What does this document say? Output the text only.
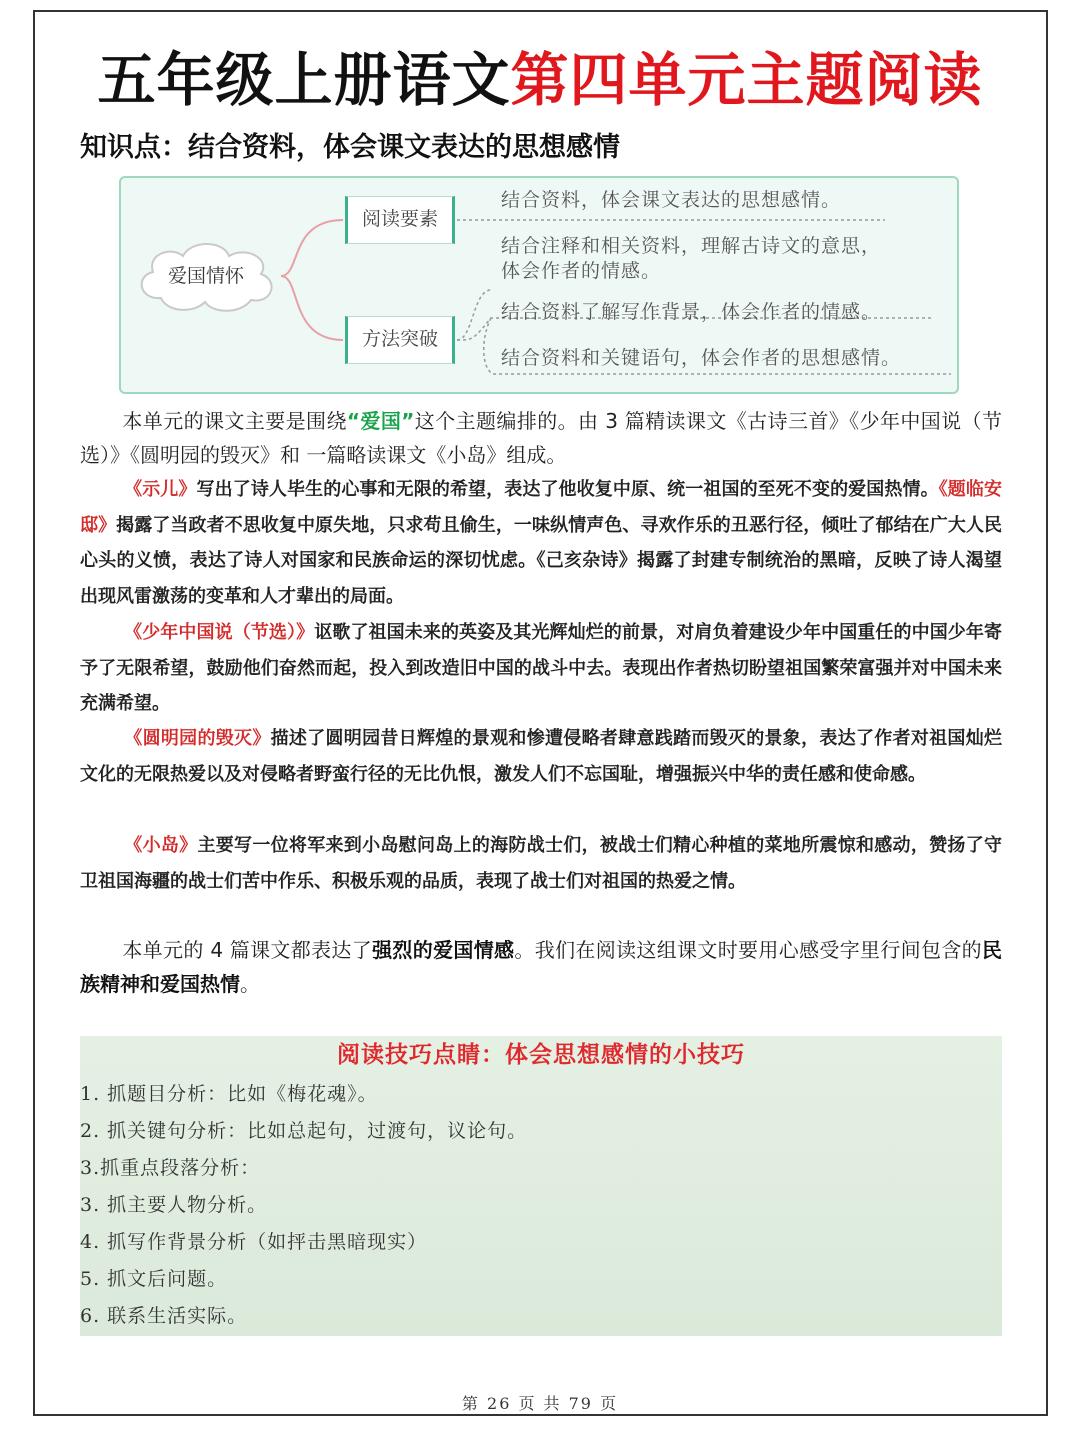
五年级上册语文第四单元主题阅读
知识点：结合资料，体会课文表达的思想感情
爱国情怀
阅读要素
方法突破
结合资料，体会课文表达的思想感情。
结合注释和相关资料，理解古诗文的意思，
体会作者的情感。
结合资料了解写作背景，体会作者的情感。
结合资料和关键语句，体会作者的思想感情。
本单元的课文主要是围绕“爱国”这个主题编排的。由 3 篇精读课文《古诗三首》《少年中国说（节选）》《圆明园的毁灭》和 一篇略读课文《小岛》组成。
《示儿》写出了诗人毕生的心事和无限的希望，表达了他收复中原、统一祖国的至死不变的爱国热情。《题临安邸》揭露了当政者不思收复中原失地，只求苟且偷生，一味纵情声色、寻欢作乐的丑恶行径，倾吐了郁结在广大人民心头的义愤，表达了诗人对国家和民族命运的深切忧虑。《己亥杂诗》揭露了封建专制统治的黑暗，反映了诗人渴望出现风雷激荡的变革和人才辈出的局面。
《少年中国说（节选）》讴歌了祖国未来的英姿及其光辉灿烂的前景，对肩负着建设少年中国重任的中国少年寄予了无限希望，鼓励他们奋然而起，投入到改造旧中国的战斗中去。表现出作者热切盼望祖国繁荣富强并对中国未来充满希望。
《圆明园的毁灭》描述了圆明园昔日辉煌的景观和惨遭侵略者肆意践踏而毁灭的景象，表达了作者对祖国灿烂文化的无限热爱以及对侵略者野蛮行径的无比仇恨，激发人们不忘国耻，增强振兴中华的责任感和使命感。
《小岛》主要写一位将军来到小岛慰问岛上的海防战士们，被战士们精心种植的菜地所震惊和感动，赞扬了守卫祖国海疆的战士们苦中作乐、积极乐观的品质，表现了战士们对祖国的热爱之情。
本单元的 4 篇课文都表达了强烈的爱国情感。我们在阅读这组课文时要用心感受字里行间包含的民族精神和爱国热情。
阅读技巧点睛：体会思想感情的小技巧
1. 抓题目分析：比如《梅花魂》。
2. 抓关键句分析：比如总起句，过渡句，议论句。
3.抓重点段落分析：
3. 抓主要人物分析。
4. 抓写作背景分析（如抨击黑暗现实）
5. 抓文后问题。
6. 联系生活实际。
第 26 页 共 79 页
